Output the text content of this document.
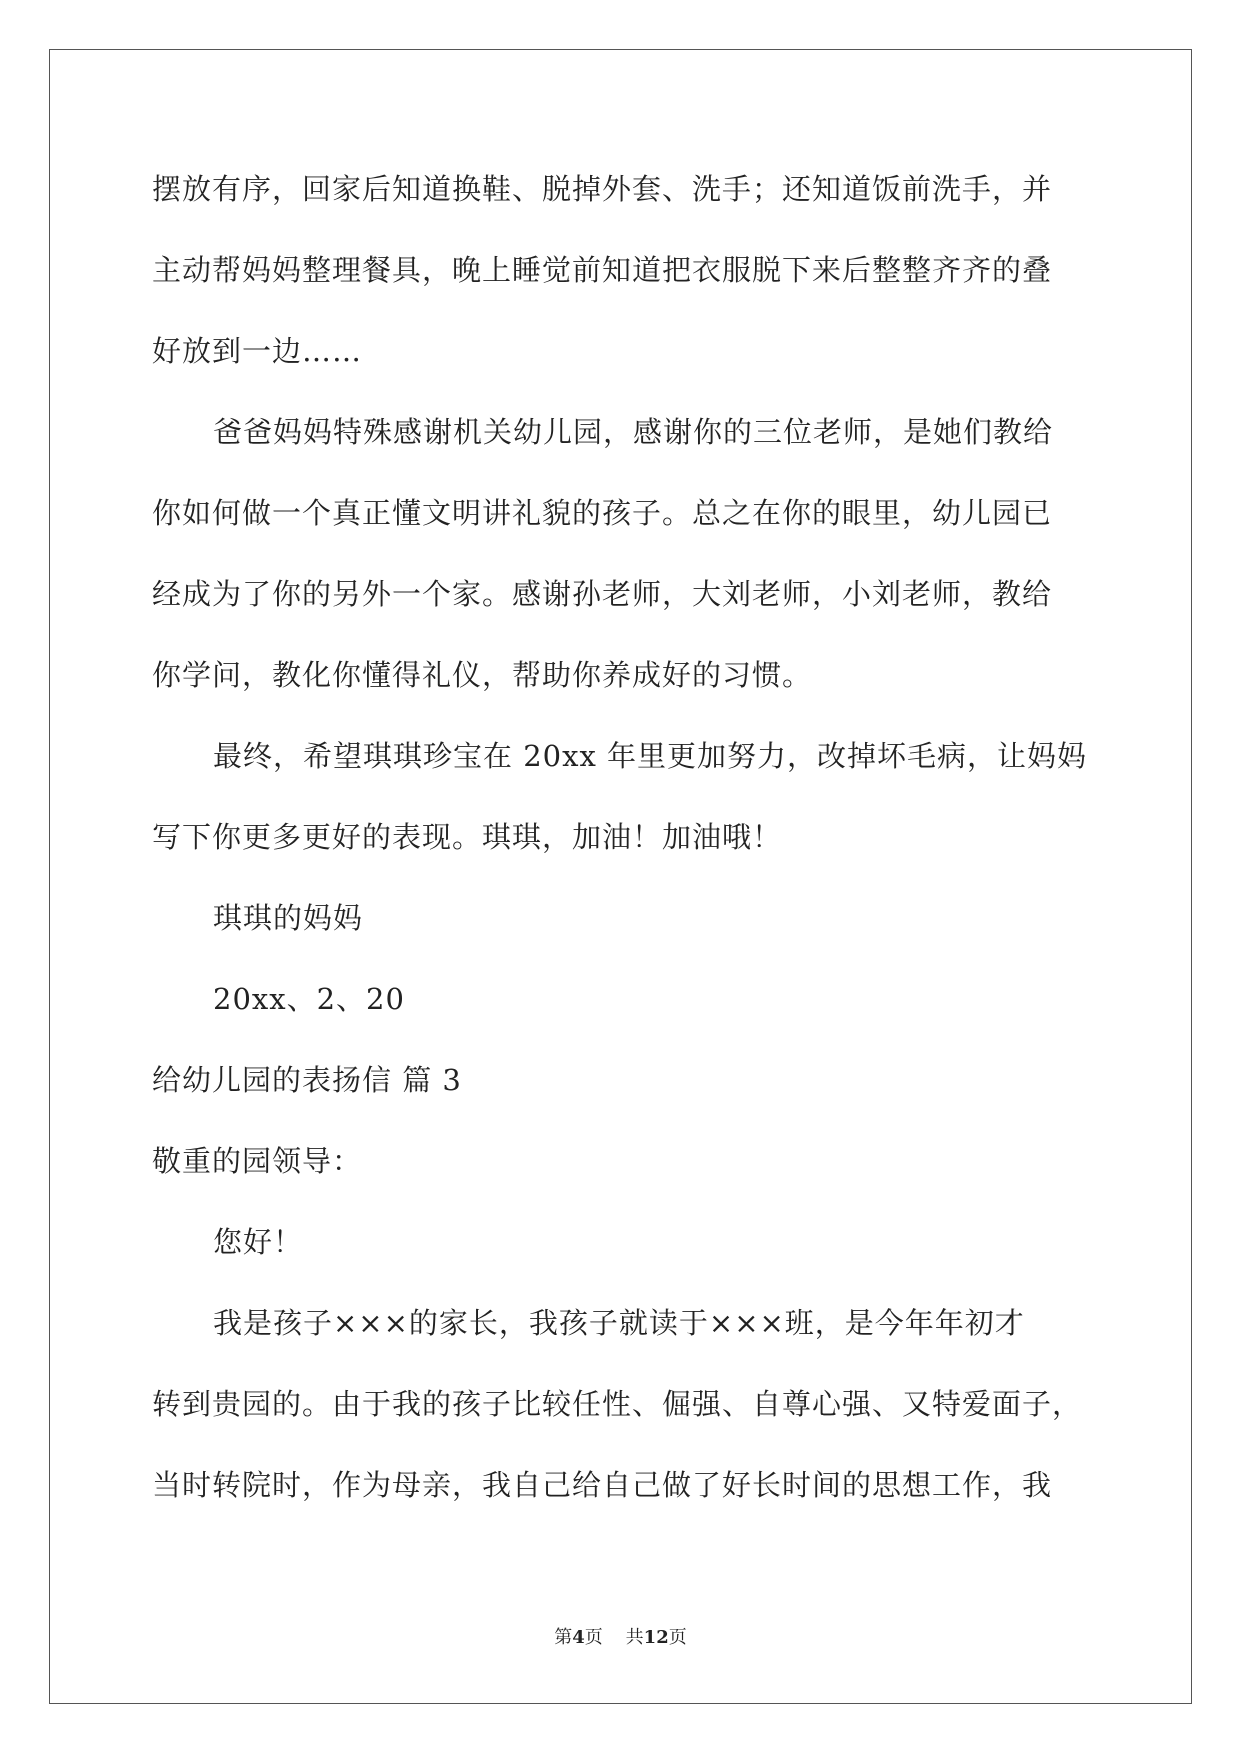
摆放有序，回家后知道换鞋、脱掉外套、洗手；还知道饭前洗手，并
主动帮妈妈整理餐具，晚上睡觉前知道把衣服脱下来后整整齐齐的叠
好放到一边……
爸爸妈妈特殊感谢机关幼儿园，感谢你的三位老师，是她们教给
你如何做一个真正懂文明讲礼貌的孩子。总之在你的眼里，幼儿园已
经成为了你的另外一个家。感谢孙老师，大刘老师，小刘老师，教给
你学问，教化你懂得礼仪，帮助你养成好的习惯。
最终，希望琪琪珍宝在 20xx 年里更加努力，改掉坏毛病，让妈妈
写下你更多更好的表现。琪琪，加油！加油哦！
琪琪的妈妈
20xx、2、20
给幼儿园的表扬信 篇 3
敬重的园领导：
您好！
我是孩子×××的家长，我孩子就读于×××班，是今年年初才
转到贵园的。由于我的孩子比较任性、倔强、自尊心强、又特爱面子，
当时转院时，作为母亲，我自己给自己做了好长时间的思想工作，我
第4页 共12页
